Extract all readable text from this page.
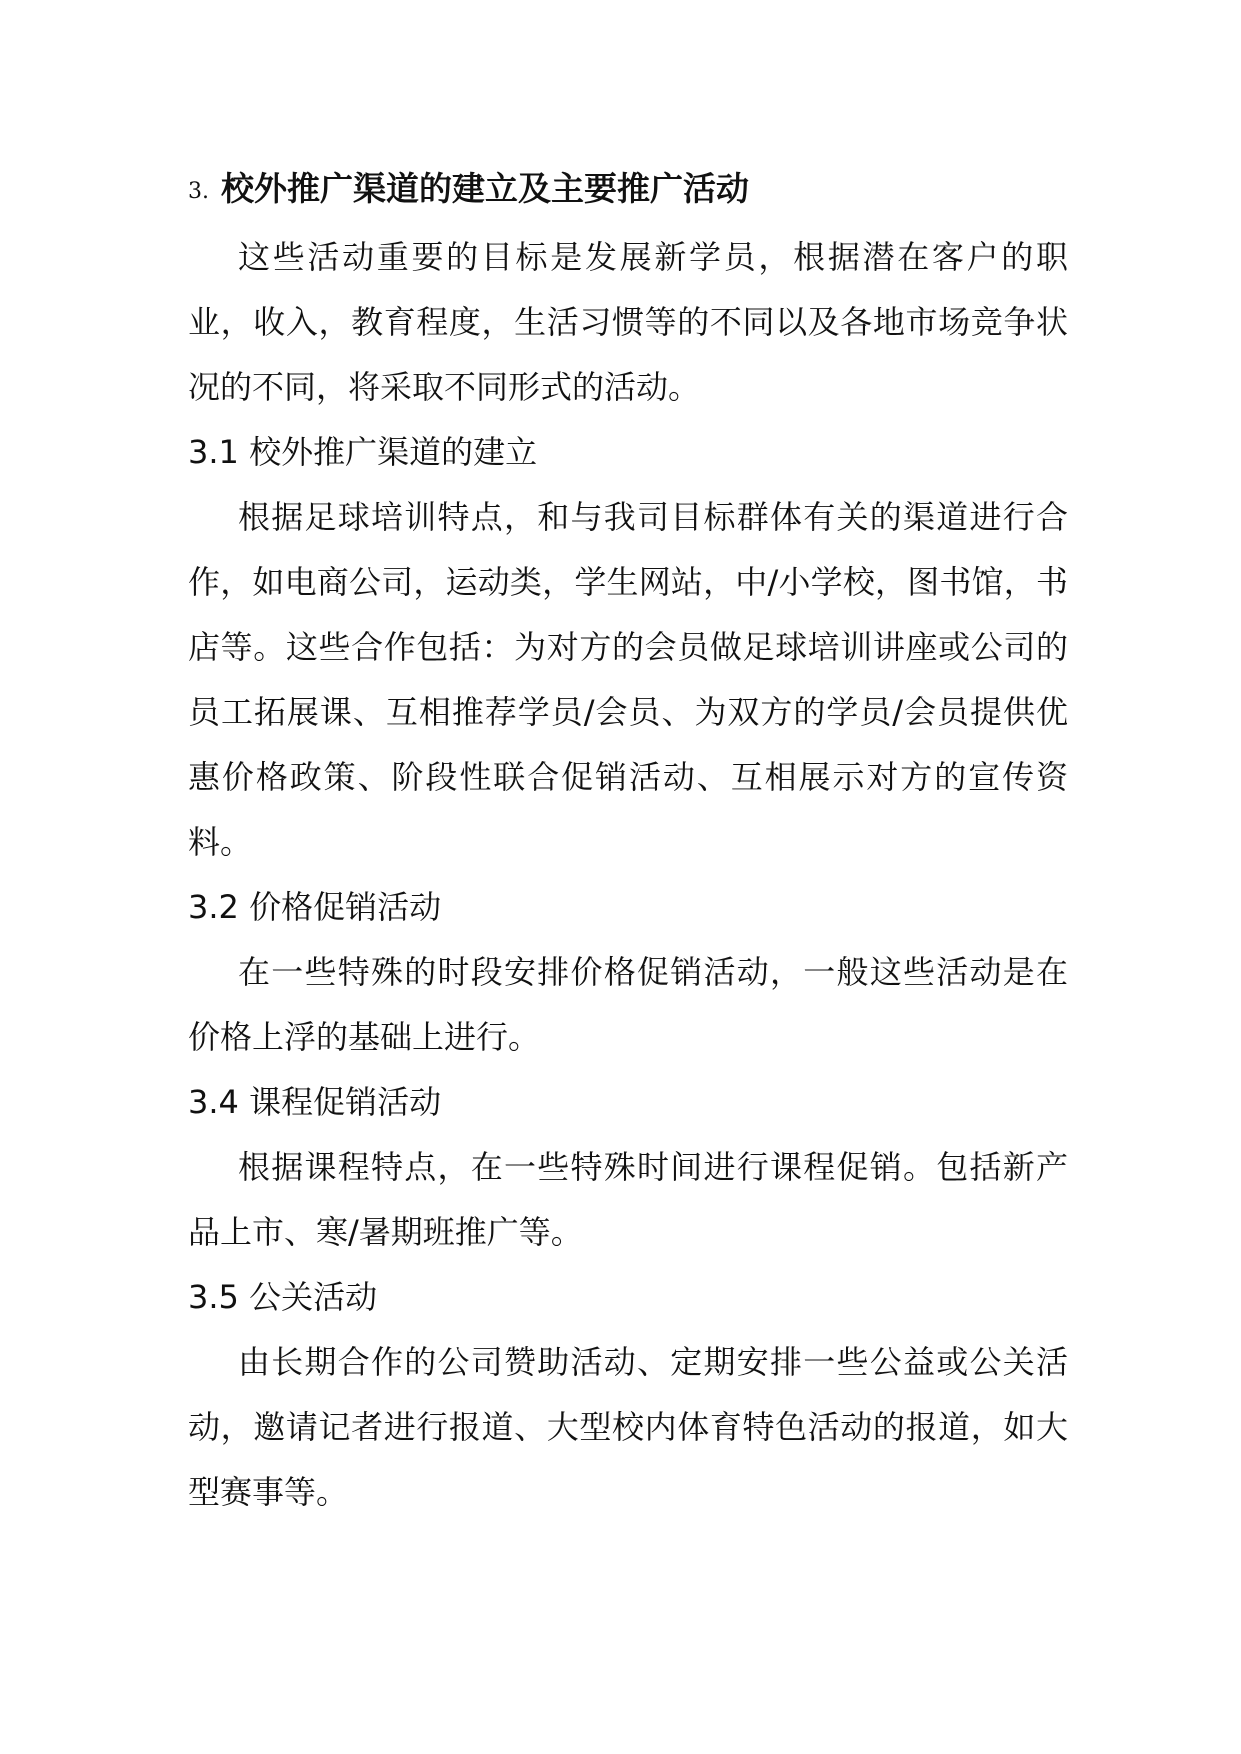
3. 校外推广渠道的建立及主要推广活动

这些活动重要的目标是发展新学员，根据潜在客户的职业，收入，教育程度，生活习惯等的不同以及各地市场竞争状况的不同，将采取不同形式的活动。

3.1 校外推广渠道的建立

根据足球培训特点，和与我司目标群体有关的渠道进行合作，如电商公司，运动类，学生网站，中/小学校，图书馆，书店等。这些合作包括：为对方的会员做足球培训讲座或公司的员工拓展课、互相推荐学员/会员、为双方的学员/会员提供优惠价格政策、阶段性联合促销活动、互相展示对方的宣传资料。

3.2 价格促销活动

在一些特殊的时段安排价格促销活动，一般这些活动是在价格上浮的基础上进行。

3.4 课程促销活动

根据课程特点，在一些特殊时间进行课程促销。包括新产品上市、寒/暑期班推广等。

3.5 公关活动

由长期合作的公司赞助活动、定期安排一些公益或公关活动，邀请记者进行报道、大型校内体育特色活动的报道，如大型赛事等。
